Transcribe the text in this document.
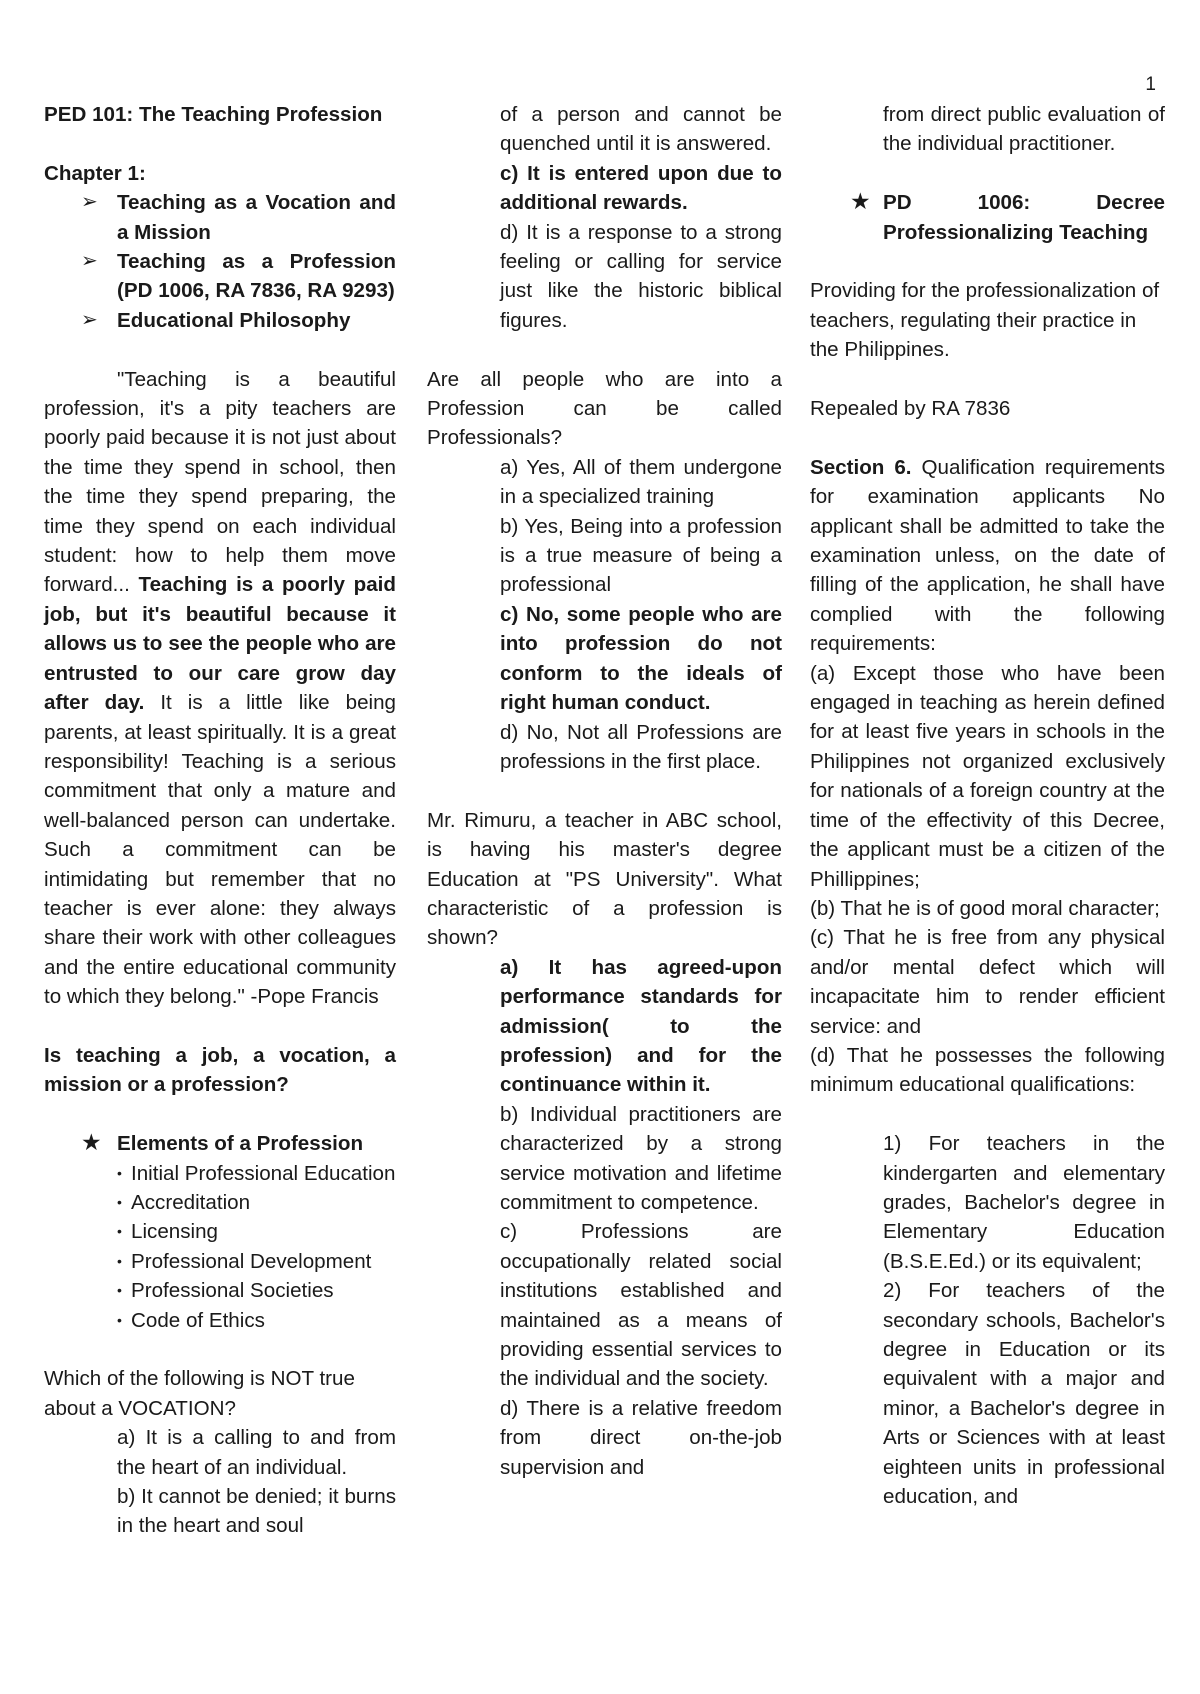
1

PED 101: The Teaching Profession

Chapter 1:

➢ Teaching as a Vocation and a Mission
➢ Teaching as a Profession (PD 1006, RA 7836, RA 9293)
➢ Educational Philosophy

"Teaching is a beautiful profession, it's a pity teachers are poorly paid because it is not just about the time they spend in school, then the time they spend preparing, the time they spend on each individual student: how to help them move forward... Teaching is a poorly paid job, but it's beautiful because it allows us to see the people who are entrusted to our care grow day after day. It is a little like being parents, at least spiritually. It is a great responsibility! Teaching is a serious commitment that only a mature and well-balanced person can undertake. Such a commitment can be intimidating but remember that no teacher is ever alone: they always share their work with other colleagues and the entire educational community to which they belong." -Pope Francis

Is teaching a job, a vocation, a mission or a profession?

★ Elements of a Profession
• Initial Professional Education
• Accreditation
• Licensing
• Professional Development
• Professional Societies
• Code of Ethics

Which of the following is NOT true about a VOCATION?

a) It is a calling to and from the heart of an individual.

b) It cannot be denied; it burns in the heart and soul

of a person and cannot be quenched until it is answered.

c) It is entered upon due to additional rewards.

d) It is a response to a strong feeling or calling for service just like the historic biblical figures.

Are all people who are into a Profession can be called Professionals?

a) Yes, All of them undergone in a specialized training

b) Yes, Being into a profession is a true measure of being a professional

c) No, some people who are into profession do not conform to the ideals of right human conduct.

d) No, Not all Professions are professions in the first place.

Mr. Rimuru, a teacher in ABC school, is having his master's degree Education at "PS University". What characteristic of a profession is shown?

a) It has agreed-upon performance standards for admission( to the profession) and for the continuance within it.

b) Individual practitioners are characterized by a strong service motivation and lifetime commitment to competence.

c) Professions are occupationally related social institutions established and maintained as a means of providing essential services to the individual and the society.

d) There is a relative freedom from direct on-the-job supervision and

from direct public evaluation of the individual practitioner.

★ PD 1006: Decree Professionalizing Teaching

Providing for the professionalization of teachers, regulating their practice in the Philippines.

Repealed by RA 7836

Section 6. Qualification requirements for examination applicants No applicant shall be admitted to take the examination unless, on the date of filling of the application, he shall have complied with the following requirements:

(a) Except those who have been engaged in teaching as herein defined for at least five years in schools in the Philippines not organized exclusively for nationals of a foreign country at the time of the effectivity of this Decree, the applicant must be a citizen of the Phillippines;

(b) That he is of good moral character;

(c) That he is free from any physical and/or mental defect which will incapacitate him to render efficient service: and

(d) That he possesses the following minimum educational qualifications:

1) For teachers in the kindergarten and elementary grades, Bachelor's degree in Elementary Education (B.S.E.Ed.) or its equivalent;

2) For teachers of the secondary schools, Bachelor's degree in Education or its equivalent with a major and minor, a Bachelor's degree in Arts or Sciences with at least eighteen units in professional education, and
